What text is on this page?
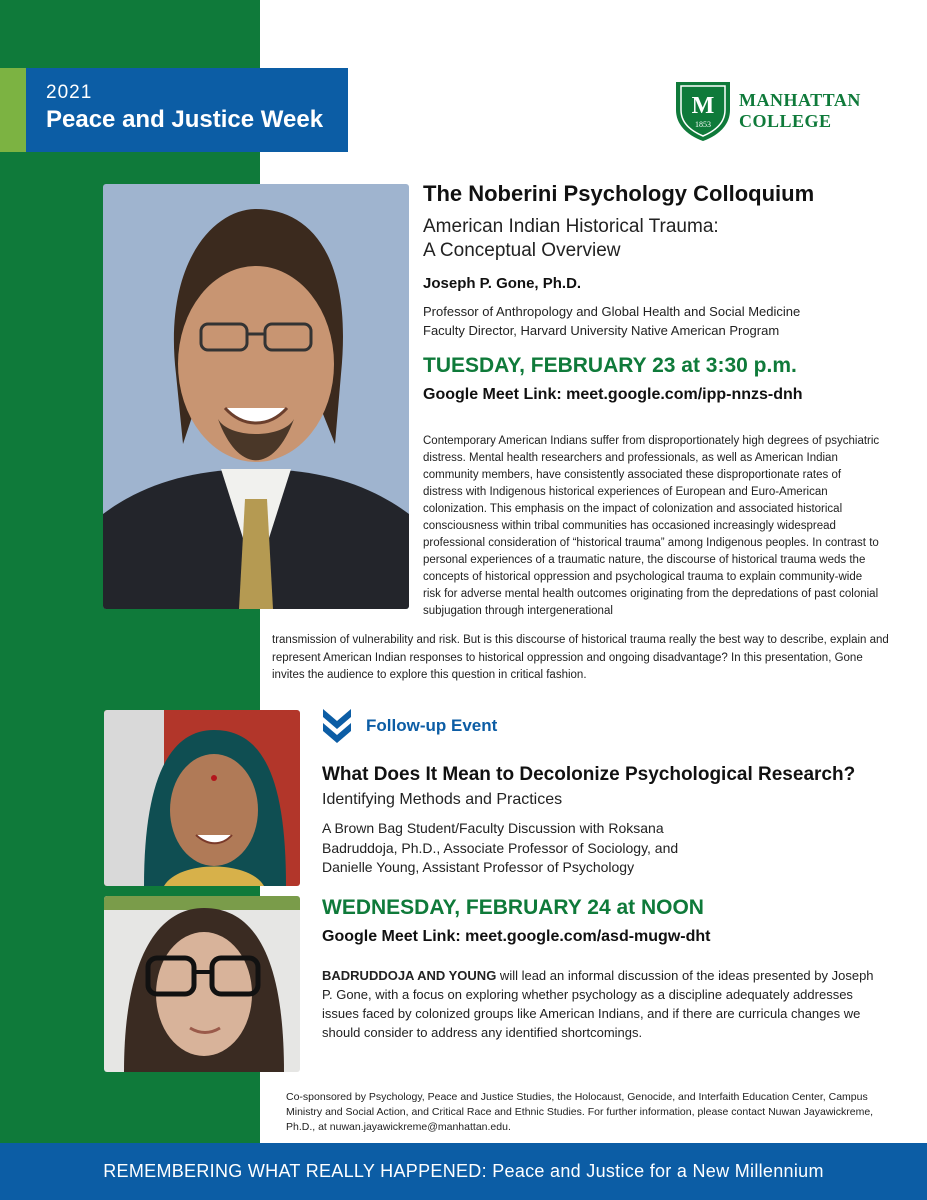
2021
Peace and Justice Week	M
1853
MANHATTAN
COLLEGE
The Noberini Psychology Colloquium
American Indian Historical Trauma:
A Conceptual Overview
Joseph P. Gone, Ph.D.
Professor of Anthropology and Global Health and Social Medicine
Faculty Director, Harvard University Native American Program
TUESDAY, FEBRUARY 23 at 3:30 p.m.
Google Meet Link: meet.google.com/ipp-nnzs-dnh
Contemporary American Indians suffer from disproportionately high degrees of psychiatric distress. Mental health researchers and professionals, as well as American Indian community members, have consistently associated these disproportionate rates of distress with Indigenous historical experiences of European and Euro-American colonization. This emphasis on the impact of colonization and associated historical consciousness within tribal communities has occasioned increasingly widespread professional consideration of “historical trauma” among Indigenous peoples. In contrast to personal experiences of a traumatic nature, the discourse of historical trauma weds the concepts of historical oppression and psychological trauma to explain community-wide risk for adverse mental health outcomes originating from the depredations of past colonial subjugation through intergenerational
transmission of vulnerability and risk. But is this discourse of historical trauma really the best way to describe, explain and represent American Indian responses to historical oppression and ongoing disadvantage? In this presentation, Gone invites the audience to explore this question in critical fashion.
Follow-up Event
What Does It Mean to Decolonize Psychological Research?
Identifying Methods and Practices
A Brown Bag Student/Faculty Discussion with Roksana Badruddoja, Ph.D., Associate Professor of Sociology, and Danielle Young, Assistant Professor of Psychology
WEDNESDAY, FEBRUARY 24 at NOON
Google Meet Link: meet.google.com/asd-mugw-dht
BADRUDDOJA AND YOUNG will lead an informal discussion of the ideas presented by Joseph P. Gone, with a focus on exploring whether psychology as a discipline adequately addresses issues faced by colonized groups like American Indians, and if there are curricula changes we should consider to address any identified shortcomings.
Co-sponsored by Psychology, Peace and Justice Studies, the Holocaust, Genocide, and Interfaith Education Center, Campus Ministry and Social Action, and Critical Race and Ethnic Studies. For further information, please contact Nuwan Jayawickreme, Ph.D., at nuwan.jayawickreme@manhattan.edu.
REMEMBERING WHAT REALLY HAPPENED: Peace and Justice for a New Millennium
